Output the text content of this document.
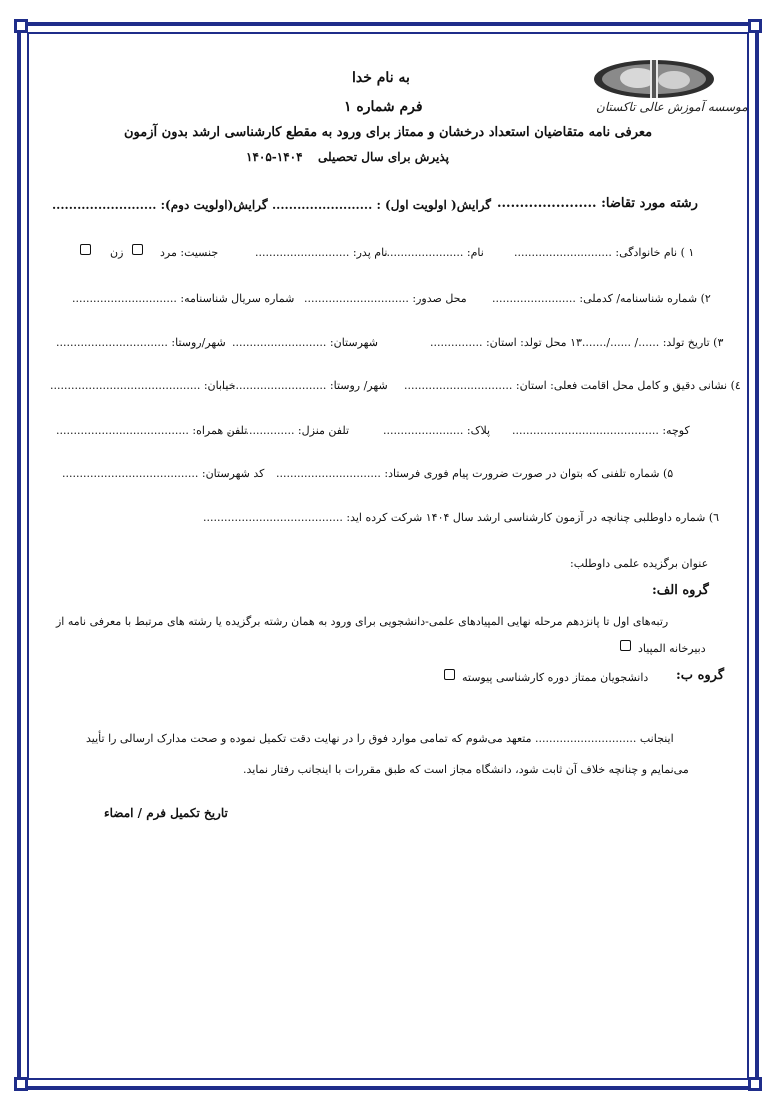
موسسه آموزش عالی تاکستان
به نام خدا
فرم شماره ۱
معرفی نامه متقاضیان استعداد درخشان و ممتاز برای ورود به مقطع کارشناسی ارشد بدون آزمون
پذیرش برای سال تحصیلی
۱۴۰۵-۱۴۰۴
رشته مورد تقاضا: ......................
گرایش( اولویت اول) : ........................
گرایش(اولویت دوم): .........................
۱ ) نام خانوادگی: ............................
نام: .......................
نام پدر: ...........................
جنسیت: مرد
زن
۲) شماره شناسنامه/ کدملی: ........................
محل صدور: ..............................
شماره سریال شناسنامه: ..............................
۳) تاریخ تولد: ....../ ....../.......۱۳ محل تولد: استان: ...............
شهرستان: ...........................
شهر/روستا: ................................
٤) نشانی دقیق و کامل محل اقامت فعلی: استان: ...............................
شهر/ روستا: ...............................
خیابان: ...........................................
کوچه: ..........................................
پلاک: .......................
تلفن منزل: ...................
تلفن همراه: ......................................
۵) شماره تلفنی که بتوان در صورت ضرورت پیام فوری فرستاد: ..............................
کد شهرستان: .......................................
٦) شماره داوطلبی چنانچه در آزمون کارشناسی ارشد سال ۱۴۰۴ شرکت کرده اید: ........................................
عنوان برگزیده علمی داوطلب:
گروه الف:
رتبه‌های اول تا پانزدهم مرحله نهایی المپیادهای علمی-دانشجویی برای ورود به همان رشته برگزیده یا رشته های مرتبط با معرفی نامه از
دبیرخانه المپیاد
گروه ب:
دانشجویان ممتاز دوره کارشناسی پیوسته
اینجانب ............................. متعهد می‌شوم که تمامی موارد فوق را در نهایت دقت تکمیل نموده و صحت مدارک ارسالی را تأیید
می‌نمایم و چنانچه خلاف آن ثابت شود، دانشگاه مجاز است که طبق مقررات با اینجانب رفتار نماید.
تاریخ تکمیل فرم / امضاء
